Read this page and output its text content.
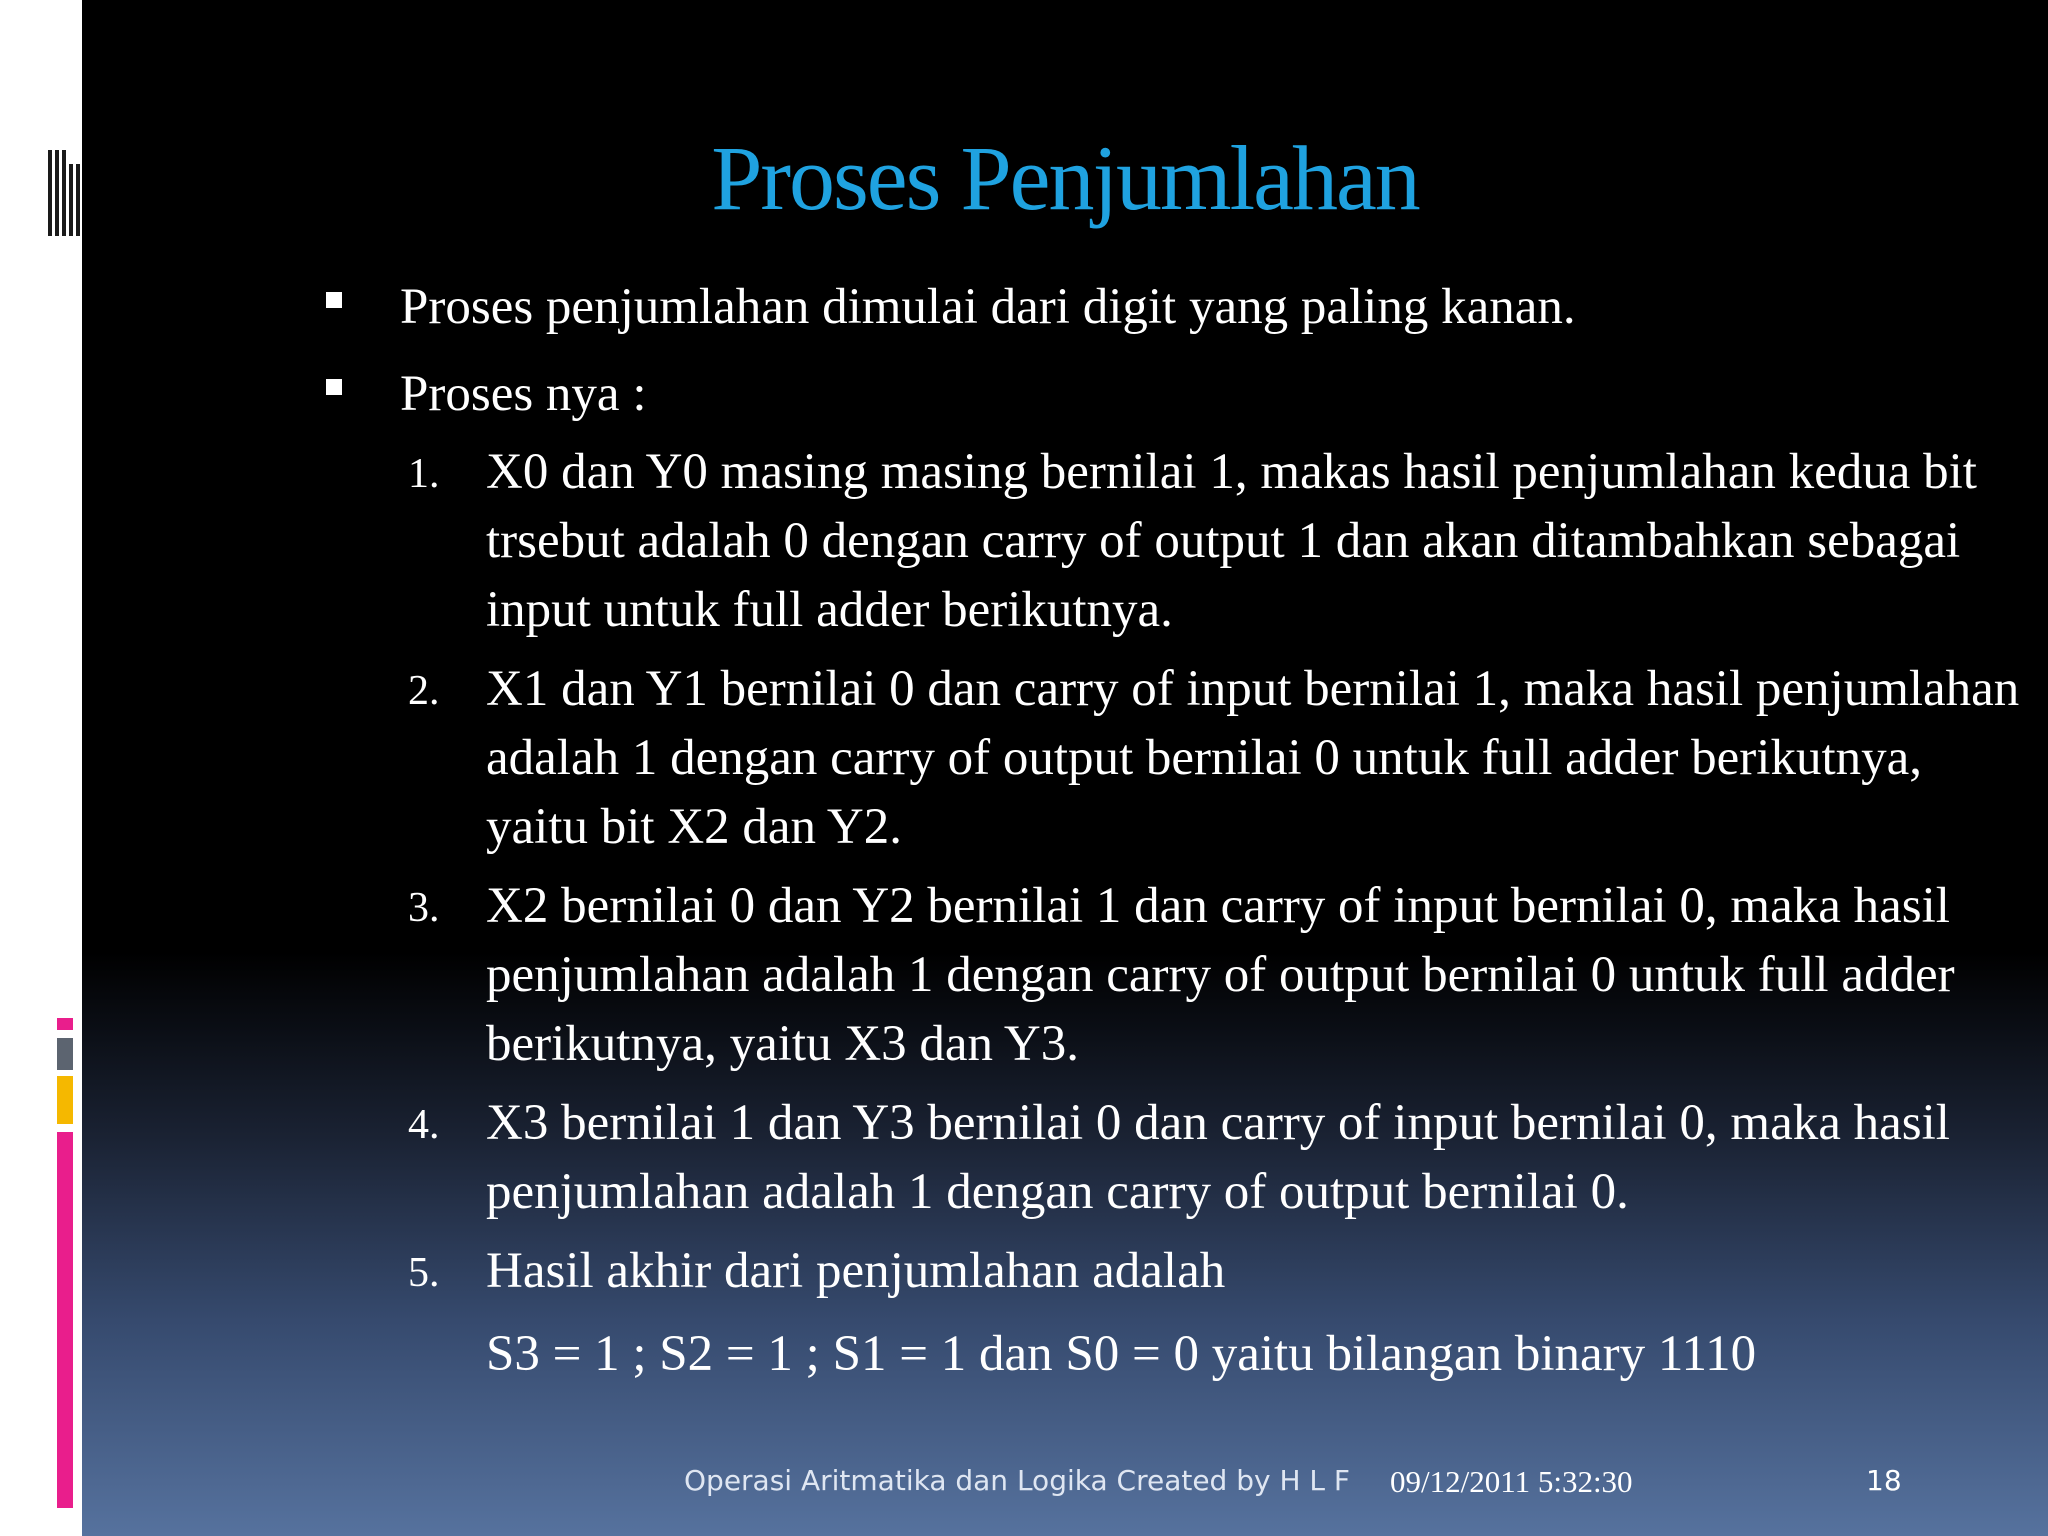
Proses Penjumlahan
Proses penjumlahan dimulai dari digit yang paling kanan.
Proses nya :
1. X0 dan Y0 masing masing bernilai 1, makas hasil penjumlahan kedua bit trsebut adalah 0 dengan carry of output 1 dan akan ditambahkan sebagai input untuk full adder berikutnya.
2. X1 dan Y1 bernilai 0 dan carry of input bernilai 1, maka hasil penjumlahan adalah 1 dengan carry of output bernilai 0 untuk full adder berikutnya, yaitu bit X2 dan Y2.
3. X2 bernilai 0 dan Y2 bernilai 1 dan carry of input bernilai 0, maka hasil penjumlahan adalah 1 dengan carry of output bernilai 0 untuk full adder berikutnya, yaitu X3 dan Y3.
4. X3 bernilai 1 dan Y3 bernilai 0 dan carry of input bernilai 0, maka hasil penjumlahan adalah 1 dengan carry of output bernilai 0.
5. Hasil akhir dari penjumlahan adalah
S3 = 1 ; S2 = 1 ; S1 = 1 dan S0 = 0 yaitu bilangan binary 1110
Operasi Aritmatika dan Logika Created by H L F 09/12/2011 5:32:30	18
